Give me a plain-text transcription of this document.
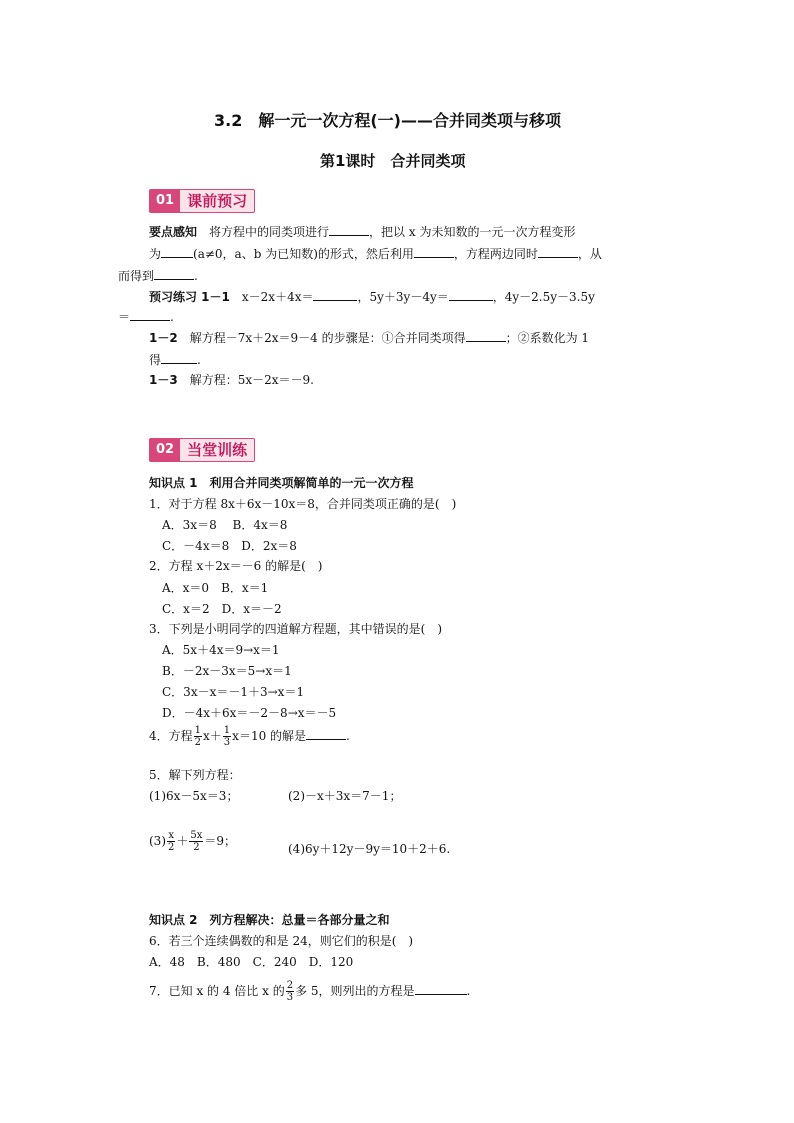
3.2　解一元一次方程(一)——合并同类项与移项
第1课时　合并同类项
01 课前预习
要点感知　 将方程中的同类项进行	，把以 x 为未知数的一元一次方程变形
为	(a≠0，a、b 为已知数)的形式，然后利用	，方程两边同时	，从
而得到	.
预习练习 1－1　 x－2x＋4x＝	，5y＋3y－4y＝	，4y－2.5y－3.5y
＝	.
1－2　 解方程－7x＋2x＝9－4 的步骤是：①合并同类项得	；②系数化为 1
得	.
1－3　 解方程：5x－2x＝－9.
02 当堂训练
知识点 1　利用合并同类项解简单的一元一次方程
1．对于方程 8x＋6x－10x＝8，合并同类项正确的是(　)
A．3x＝8　 B．4x＝8
C．－4x＝8　D．2x＝8
2．方程 x＋2x＝－6 的解是(　)
A．x＝0　B．x＝1
C．x＝2　D．x＝－2
3．下列是小明同学的四道解方程题，其中错误的是(　)
A．5x＋4x＝9→x＝1
B．－2x－3x＝5→x＝1
C．3x－x＝－1＋3→x＝1
D．－4x＋6x＝－2－8→x＝－5
4．方程 $\frac{1}{2} x+ \frac{1}{3} x=10$ 的解是	.
5．解下列方程：
(1)6x－5x＝3；	(2)－x＋3x＝7－1；
$(3) \frac{x}{2} + \frac{5x}{2} =9$；
(4)6y＋12y－9y＝10＋2＋6.
知识点 2　列方程解决：总量＝各部分量之和
6．若三个连续偶数的和是 24，则它们的积是(　)
A．48　B．480　C．240　D．120
7．已知 x 的 4 倍比 x 的 $\frac{2}{3}$ 多 5，则列出的方程是	.
